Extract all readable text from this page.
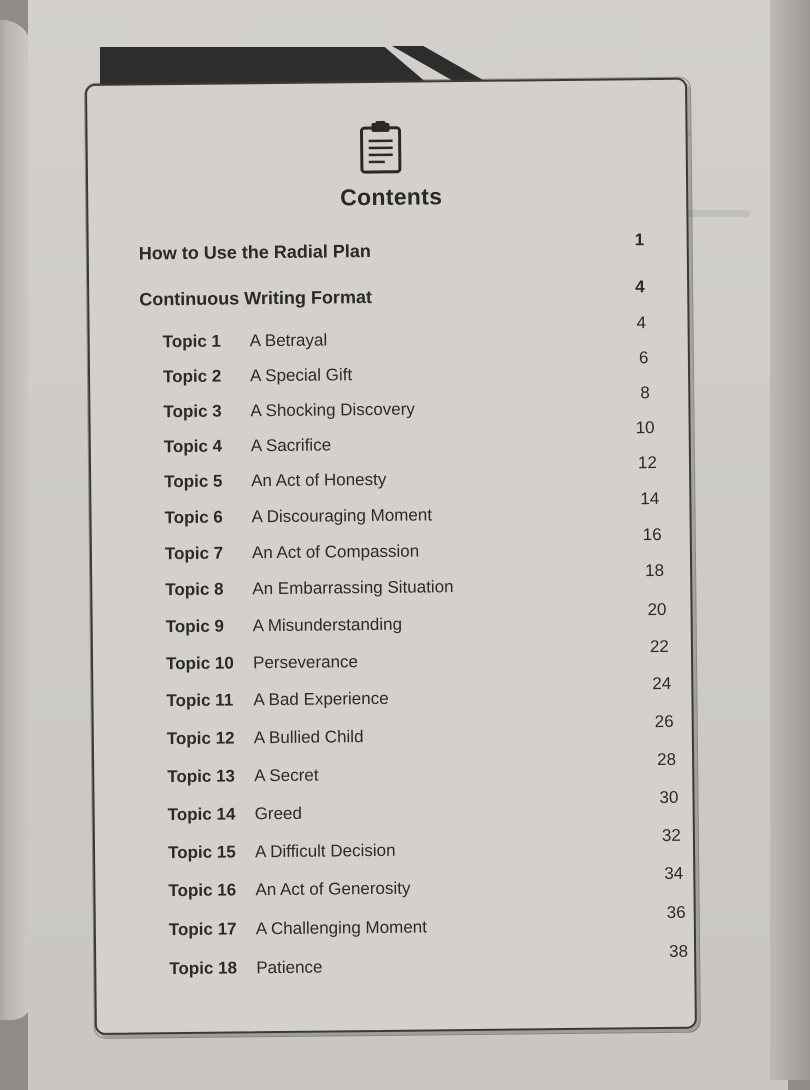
Contents
How to Use the Radial Plan
1
Continuous Writing Format
4
Topic 1 A Betrayal
4
Topic 2 A Special Gift
6
Topic 3 A Shocking Discovery
8
Topic 4 A Sacrifice
10
Topic 5 An Act of Honesty
12
Topic 6 A Discouraging Moment
14
Topic 7 An Act of Compassion
16
Topic 8 An Embarrassing Situation
18
Topic 9 A Misunderstanding
20
Topic 10 Perseverance
22
Topic 11 A Bad Experience
24
Topic 12 A Bullied Child
26
Topic 13 A Secret
28
Topic 14 Greed
30
Topic 15 A Difficult Decision
32
Topic 16 An Act of Generosity
34
Topic 17 A Challenging Moment
36
Topic 18 Patience
38
